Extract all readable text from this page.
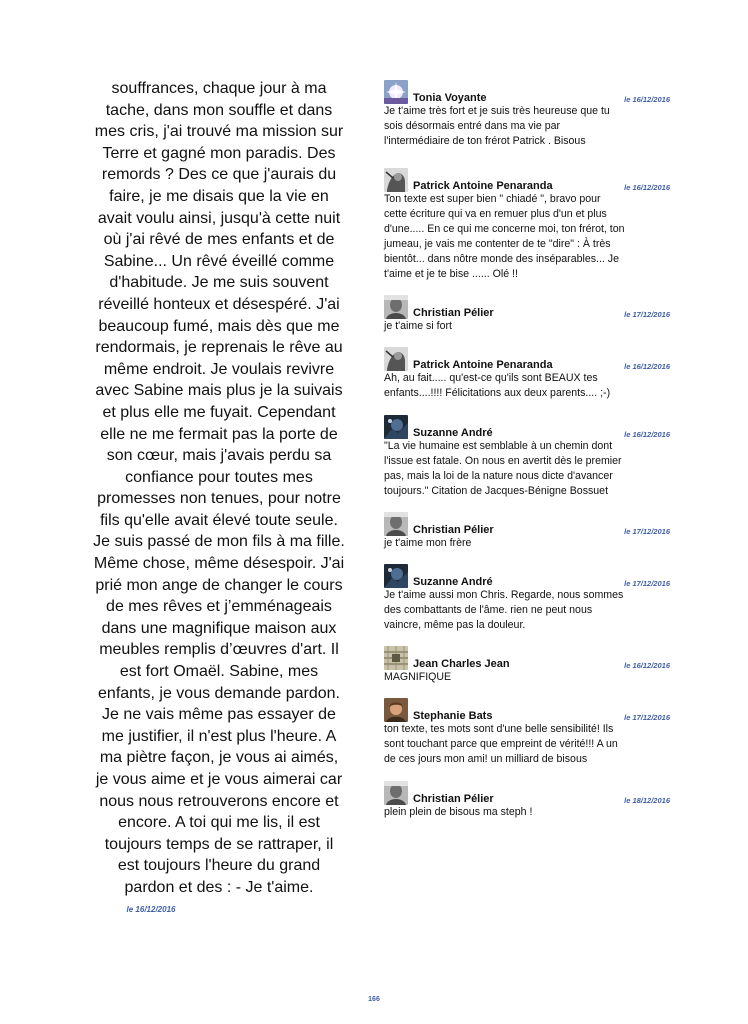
souffrances, chaque jour à ma
tache, dans mon souffle et dans
mes cris, j'ai trouvé ma mission sur
Terre et gagné mon paradis. Des
remords ? Des ce que j'aurais du
faire, je me disais que la vie en
avait voulu ainsi, jusqu'à cette nuit
où j'ai rêvé de mes enfants et de
Sabine... Un rêvé éveillé comme
d'habitude. Je me suis souvent
réveillé honteux et désespéré. J'ai
beaucoup fumé, mais dès que me
rendormais, je reprenais le rêve au
même endroit. Je voulais revivre
avec Sabine mais plus je la suivais
et plus elle me fuyait. Cependant
elle ne me fermait pas la porte de
son cœur, mais j'avais perdu sa
confiance pour toutes mes
promesses non tenues, pour notre
fils qu'elle avait élevé toute seule.
Je suis passé de mon fils à ma fille.
Même chose, même désespoir. J'ai
prié mon ange de changer le cours
de mes rêves et j’emménageais
dans une magnifique maison aux
meubles remplis d’œuvres d'art. Il
est fort Omaël. Sabine, mes
enfants, je vous demande pardon.
Je ne vais même pas essayer de
me justifier, il n'est plus l'heure. A
ma piètre façon, je vous ai aimés,
je vous aime et je vous aimerai car
nous nous retrouverons encore et
encore. A toi qui me lis, il est
toujours temps de se rattraper, il
est toujours l'heure du grand
pardon et des : - Je t'aime.

le 16/12/2016
Tonia Voyante	le 16/12/2016
Je t'aime très fort et je suis très heureuse que tu
sois désormais entré dans ma vie par
l'intermédiaire de ton frérot Patrick . Bisous
Patrick Antoine Penaranda	le 16/12/2016
Ton texte est super bien " chiadé ", bravo pour
cette écriture qui va en remuer plus d'un et plus
d'une..... En ce qui me concerne moi, ton frérot, ton
jumeau, je vais me contenter de te "dire" : À très
bientôt... dans nôtre monde des inséparables... Je
t'aime et je te bise ...... Olé !!
Christian Pélier	le 17/12/2016
je t'aime si fort
Patrick Antoine Penaranda	le 16/12/2016
Ah, au fait..... qu'est-ce qu'ils sont BEAUX tes
enfants....!!!! Félicitations aux deux parents.... ;-)
Suzanne André	le 16/12/2016
"La vie humaine est semblable à un chemin dont
l'issue est fatale. On nous en avertit dès le premier
pas, mais la loi de la nature nous dicte d'avancer
toujours." Citation de Jacques-Bénigne Bossuet
Christian Pélier	le 17/12/2016
je t'aime mon frère
Suzanne André	le 17/12/2016
Je t'aime aussi mon Chris. Regarde, nous sommes
des combattants de l'âme. rien ne peut nous
vaincre, même pas la douleur.
Jean Charles Jean	le 16/12/2016
MAGNIFIQUE
Stephanie Bats	le 17/12/2016
ton texte, tes mots sont d'une belle sensibilité! Ils
sont touchant parce que empreint de vérité!!! A un
de ces jours mon ami! un milliard de bisous
Christian Pélier	le 18/12/2016
plein plein de bisous ma steph !
166
